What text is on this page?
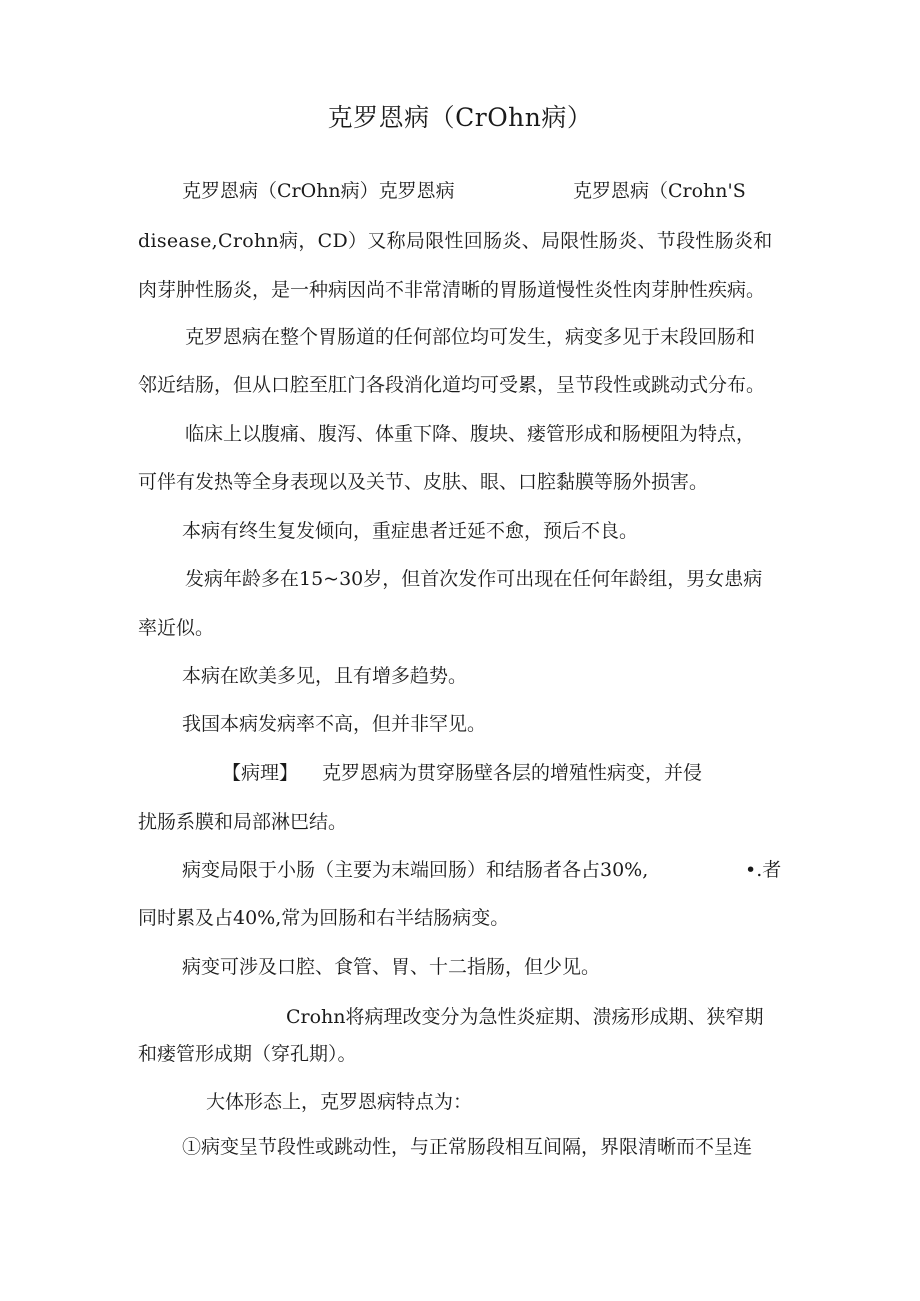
克罗恩病（CrOhn病）
克罗恩病（CrOhn病）克罗恩病	克罗恩病（Crohn'S
disease,Crohn病，CD）又称局限性回肠炎、局限性肠炎、节段性肠炎和
肉芽肿性肠炎，是一种病因尚不非常清晰的胃肠道慢性炎性肉芽肿性疾病。
克罗恩病在整个胃肠道的任何部位均可发生，病变多见于末段回肠和
邻近结肠，但从口腔至肛门各段消化道均可受累，呈节段性或跳动式分布。
临床上以腹痛、腹泻、体重下降、腹块、瘘管形成和肠梗阻为特点，
可伴有发热等全身表现以及关节、皮肤、眼、口腔黏膜等肠外损害。
本病有终生复发倾向，重症患者迁延不愈，预后不良。
发病年龄多在15~30岁，但首次发作可出现在任何年龄组，男女患病
率近似。
本病在欧美多见，且有增多趋势。
我国本病发病率不高，但并非罕见。
【病理】 克罗恩病为贯穿肠壁各层的增殖性病变，并侵
扰肠系膜和局部淋巴结。
病变局限于小肠（主要为末端回肠）和结肠者各占30%,	•.者
同时累及占40%,常为回肠和右半结肠病变。
病变可涉及口腔、食管、胃、十二指肠，但少见。
Crohn将病理改变分为急性炎症期、溃疡形成期、狭窄期
和瘘管形成期（穿孔期）。
大体形态上，克罗恩病特点为：
①病变呈节段性或跳动性，与正常肠段相互间隔，界限清晰而不呈连
